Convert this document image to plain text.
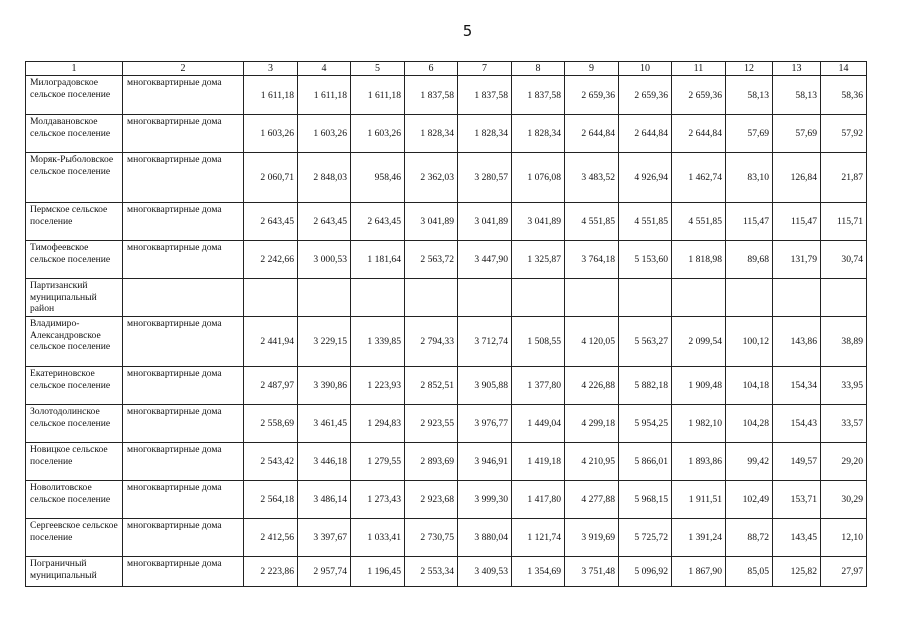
5
1	2	3	4	5	6	7	8	9	10	11	12	13	14
Милоградовское сельское поселение	многоквартирные дома	1 611,18	1 611,18	1 611,18	1 837,58	1 837,58	1 837,58	2 659,36	2 659,36	2 659,36	58,13	58,13	58,36
Молдавановское сельское поселение	многоквартирные дома	1 603,26	1 603,26	1 603,26	1 828,34	1 828,34	1 828,34	2 644,84	2 644,84	2 644,84	57,69	57,69	57,92
Моряк-Рыболовское сельское поселение	многоквартирные дома	2 060,71	2 848,03	958,46	2 362,03	3 280,57	1 076,08	3 483,52	4 926,94	1 462,74	83,10	126,84	21,87
Пермское сельское поселение	многоквартирные дома	2 643,45	2 643,45	2 643,45	3 041,89	3 041,89	3 041,89	4 551,85	4 551,85	4 551,85	115,47	115,47	115,71
Тимофеевское сельское поселение	многоквартирные дома	2 242,66	3 000,53	1 181,64	2 563,72	3 447,90	1 325,87	3 764,18	5 153,60	1 818,98	89,68	131,79	30,74
Партизанский муниципальный район													
Владимиро-Александровское сельское поселение	многоквартирные дома	2 441,94	3 229,15	1 339,85	2 794,33	3 712,74	1 508,55	4 120,05	5 563,27	2 099,54	100,12	143,86	38,89
Екатериновское сельское поселение	многоквартирные дома	2 487,97	3 390,86	1 223,93	2 852,51	3 905,88	1 377,80	4 226,88	5 882,18	1 909,48	104,18	154,34	33,95
Золотодолинское сельское поселение	многоквартирные дома	2 558,69	3 461,45	1 294,83	2 923,55	3 976,77	1 449,04	4 299,18	5 954,25	1 982,10	104,28	154,43	33,57
Новицкое сельское поселение	многоквартирные дома	2 543,42	3 446,18	1 279,55	2 893,69	3 946,91	1 419,18	4 210,95	5 866,01	1 893,86	99,42	149,57	29,20
Новолитовское сельское поселение	многоквартирные дома	2 564,18	3 486,14	1 273,43	2 923,68	3 999,30	1 417,80	4 277,88	5 968,15	1 911,51	102,49	153,71	30,29
Сергеевское сельское поселение	многоквартирные дома	2 412,56	3 397,67	1 033,41	2 730,75	3 880,04	1 121,74	3 919,69	5 725,72	1 391,24	88,72	143,45	12,10
Пограничный муниципальный	многоквартирные дома	2 223,86	2 957,74	1 196,45	2 553,34	3 409,53	1 354,69	3 751,48	5 096,92	1 867,90	85,05	125,82	27,97
